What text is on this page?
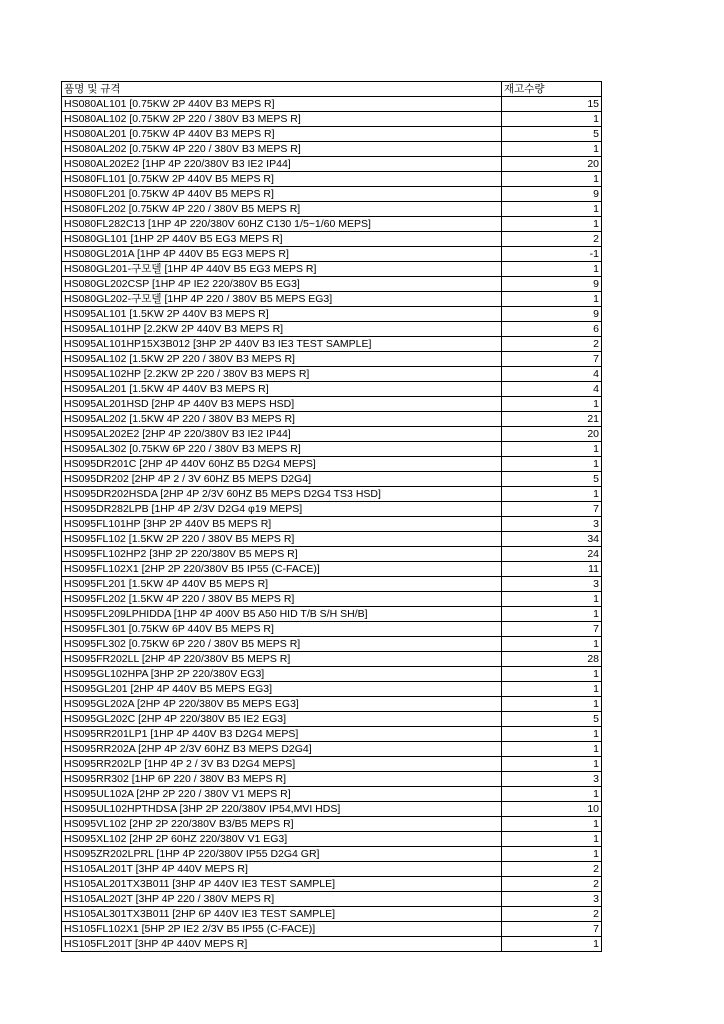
품명 및 규격	재고수량
HS080AL101 [0.75KW 2P 440V B3 MEPS R]	15
HS080AL102 [0.75KW 2P 220 / 380V B3 MEPS R]	1
HS080AL201 [0.75KW 4P 440V B3 MEPS R]	5
HS080AL202 [0.75KW 4P 220 / 380V B3 MEPS R]	1
HS080AL202E2 [1HP 4P 220/380V B3 IE2 IP44]	20
HS080FL101 [0.75KW 2P 440V B5 MEPS R]	1
HS080FL201 [0.75KW 4P 440V B5 MEPS R]	9
HS080FL202 [0.75KW 4P 220 / 380V B5 MEPS R]	1
HS080FL282C13 [1HP 4P 220/380V 60HZ C130 1/5~1/60 MEPS]	1
HS080GL101 [1HP 2P 440V B5 EG3 MEPS R]	2
HS080GL201A [1HP 4P 440V B5 EG3 MEPS R]	-1
HS080GL201-구모델 [1HP 4P 440V B5 EG3 MEPS R]	1
HS080GL202CSP [1HP 4P IE2 220/380V B5 EG3]	9
HS080GL202-구모델 [1HP 4P 220 / 380V B5 MEPS EG3]	1
HS095AL101 [1.5KW 2P 440V B3 MEPS R]	9
HS095AL101HP [2.2KW 2P 440V B3 MEPS R]	6
HS095AL101HP15X3B012 [3HP 2P 440V B3 IE3 TEST SAMPLE]	2
HS095AL102 [1.5KW 2P 220 / 380V B3 MEPS R]	7
HS095AL102HP [2.2KW 2P 220 / 380V B3 MEPS R]	4
HS095AL201 [1.5KW 4P 440V B3 MEPS R]	4
HS095AL201HSD [2HP 4P 440V B3 MEPS HSD]	1
HS095AL202 [1.5KW 4P 220 / 380V B3 MEPS R]	21
HS095AL202E2 [2HP 4P 220/380V B3 IE2 IP44]	20
HS095AL302 [0.75KW 6P 220 / 380V B3 MEPS R]	1
HS095DR201C [2HP 4P 440V 60HZ B5 D2G4 MEPS]	1
HS095DR202 [2HP 4P 2 / 3V 60HZ B5 MEPS D2G4]	5
HS095DR202HSDA [2HP 4P 2/3V 60HZ B5 MEPS D2G4 TS3 HSD]	1
HS095DR282LPB [1HP 4P 2/3V D2G4 φ19 MEPS]	7
HS095FL101HP [3HP 2P 440V B5 MEPS R]	3
HS095FL102 [1.5KW 2P 220 / 380V B5 MEPS R]	34
HS095FL102HP2 [3HP 2P 220/380V B5 MEPS R]	24
HS095FL102X1 [2HP 2P 220/380V B5 IP55 (C-FACE)]	11
HS095FL201 [1.5KW 4P 440V B5 MEPS R]	3
HS095FL202 [1.5KW 4P 220 / 380V B5 MEPS R]	1
HS095FL209LPHIDDA [1HP 4P 400V B5 A50 HID T/B S/H SH/B]	1
HS095FL301 [0.75KW 6P 440V B5 MEPS R]	7
HS095FL302 [0.75KW 6P 220 / 380V B5 MEPS R]	1
HS095FR202LL [2HP 4P 220/380V B5 MEPS R]	28
HS095GL102HPA [3HP 2P 220/380V EG3]	1
HS095GL201 [2HP 4P 440V B5 MEPS EG3]	1
HS095GL202A [2HP 4P 220/380V B5 MEPS EG3]	1
HS095GL202C [2HP 4P 220/380V B5 IE2 EG3]	5
HS095RR201LP1 [1HP 4P 440V B3 D2G4 MEPS]	1
HS095RR202A [2HP 4P 2/3V 60HZ B3 MEPS D2G4]	1
HS095RR202LP [1HP 4P 2 / 3V B3 D2G4 MEPS]	1
HS095RR302 [1HP 6P 220 / 380V B3 MEPS R]	3
HS095UL102A [2HP 2P 220 / 380V V1 MEPS R]	1
HS095UL102HPTHDSA [3HP 2P 220/380V IP54,MVI HDS]	10
HS095VL102 [2HP 2P 220/380V B3/B5 MEPS R]	1
HS095XL102 [2HP 2P 60HZ 220/380V V1 EG3]	1
HS095ZR202LPRL [1HP 4P 220/380V IP55 D2G4 GR]	1
HS105AL201T [3HP 4P 440V MEPS R]	2
HS105AL201TX3B011 [3HP 4P 440V IE3 TEST SAMPLE]	2
HS105AL202T [3HP 4P 220 / 380V MEPS R]	3
HS105AL301TX3B011 [2HP 6P 440V IE3 TEST SAMPLE]	2
HS105FL102X1 [5HP 2P IE2 2/3V B5 IP55 (C-FACE)]	7
HS105FL201T [3HP 4P 440V MEPS R]	1
